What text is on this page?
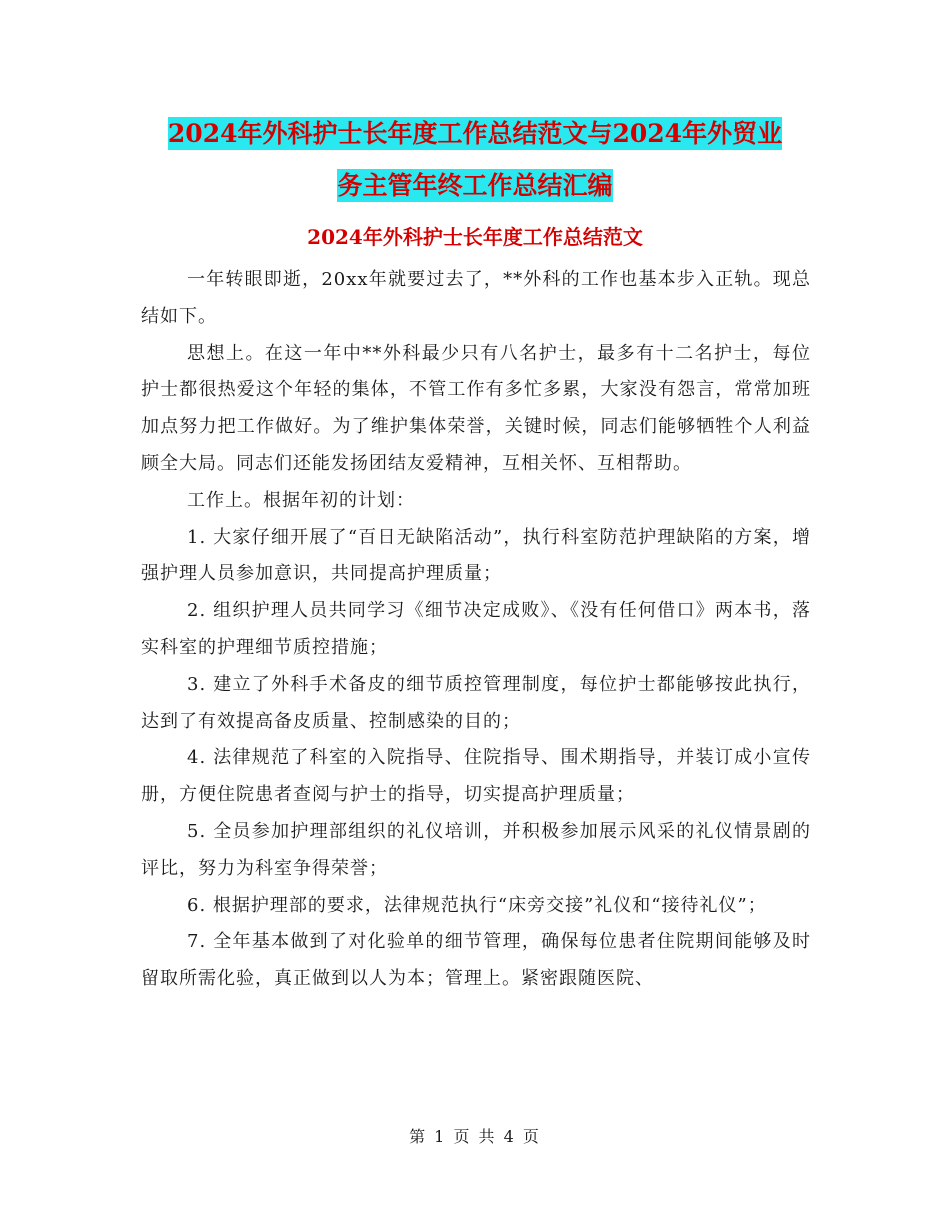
2024年外科护士长年度工作总结范文与2024年外贸业
务主管年终工作总结汇编
2024年外科护士长年度工作总结范文

一年转眼即逝，20xx年就要过去了，**外科的工作也基本步入正轨。现总结如下。

思想上。在这一年中**外科最少只有八名护士，最多有十二名护士，每位护士都很热爱这个年轻的集体，不管工作有多忙多累，大家没有怨言，常常加班加点努力把工作做好。为了维护集体荣誉，关键时候，同志们能够牺牲个人利益顾全大局。同志们还能发扬团结友爱精神，互相关怀、互相帮助。

工作上。根据年初的计划：

1. 大家仔细开展了“百日无缺陷活动”，执行科室防范护理缺陷的方案，增强护理人员参加意识，共同提高护理质量；

2. 组织护理人员共同学习《细节决定成败》、《没有任何借口》两本书，落实科室的护理细节质控措施；

3. 建立了外科手术备皮的细节质控管理制度，每位护士都能够按此执行，达到了有效提高备皮质量、控制感染的目的；

4. 法律规范了科室的入院指导、住院指导、围术期指导，并装订成小宣传册，方便住院患者查阅与护士的指导，切实提高护理质量；

5. 全员参加护理部组织的礼仪培训，并积极参加展示风采的礼仪情景剧的评比，努力为科室争得荣誉；

6. 根据护理部的要求，法律规范执行“床旁交接”礼仪和“接待礼仪”；

7. 全年基本做到了对化验单的细节管理，确保每位患者住院期间能够及时留取所需化验，真正做到以人为本；管理上。紧密跟随医院、

第 1 页 共 4 页
